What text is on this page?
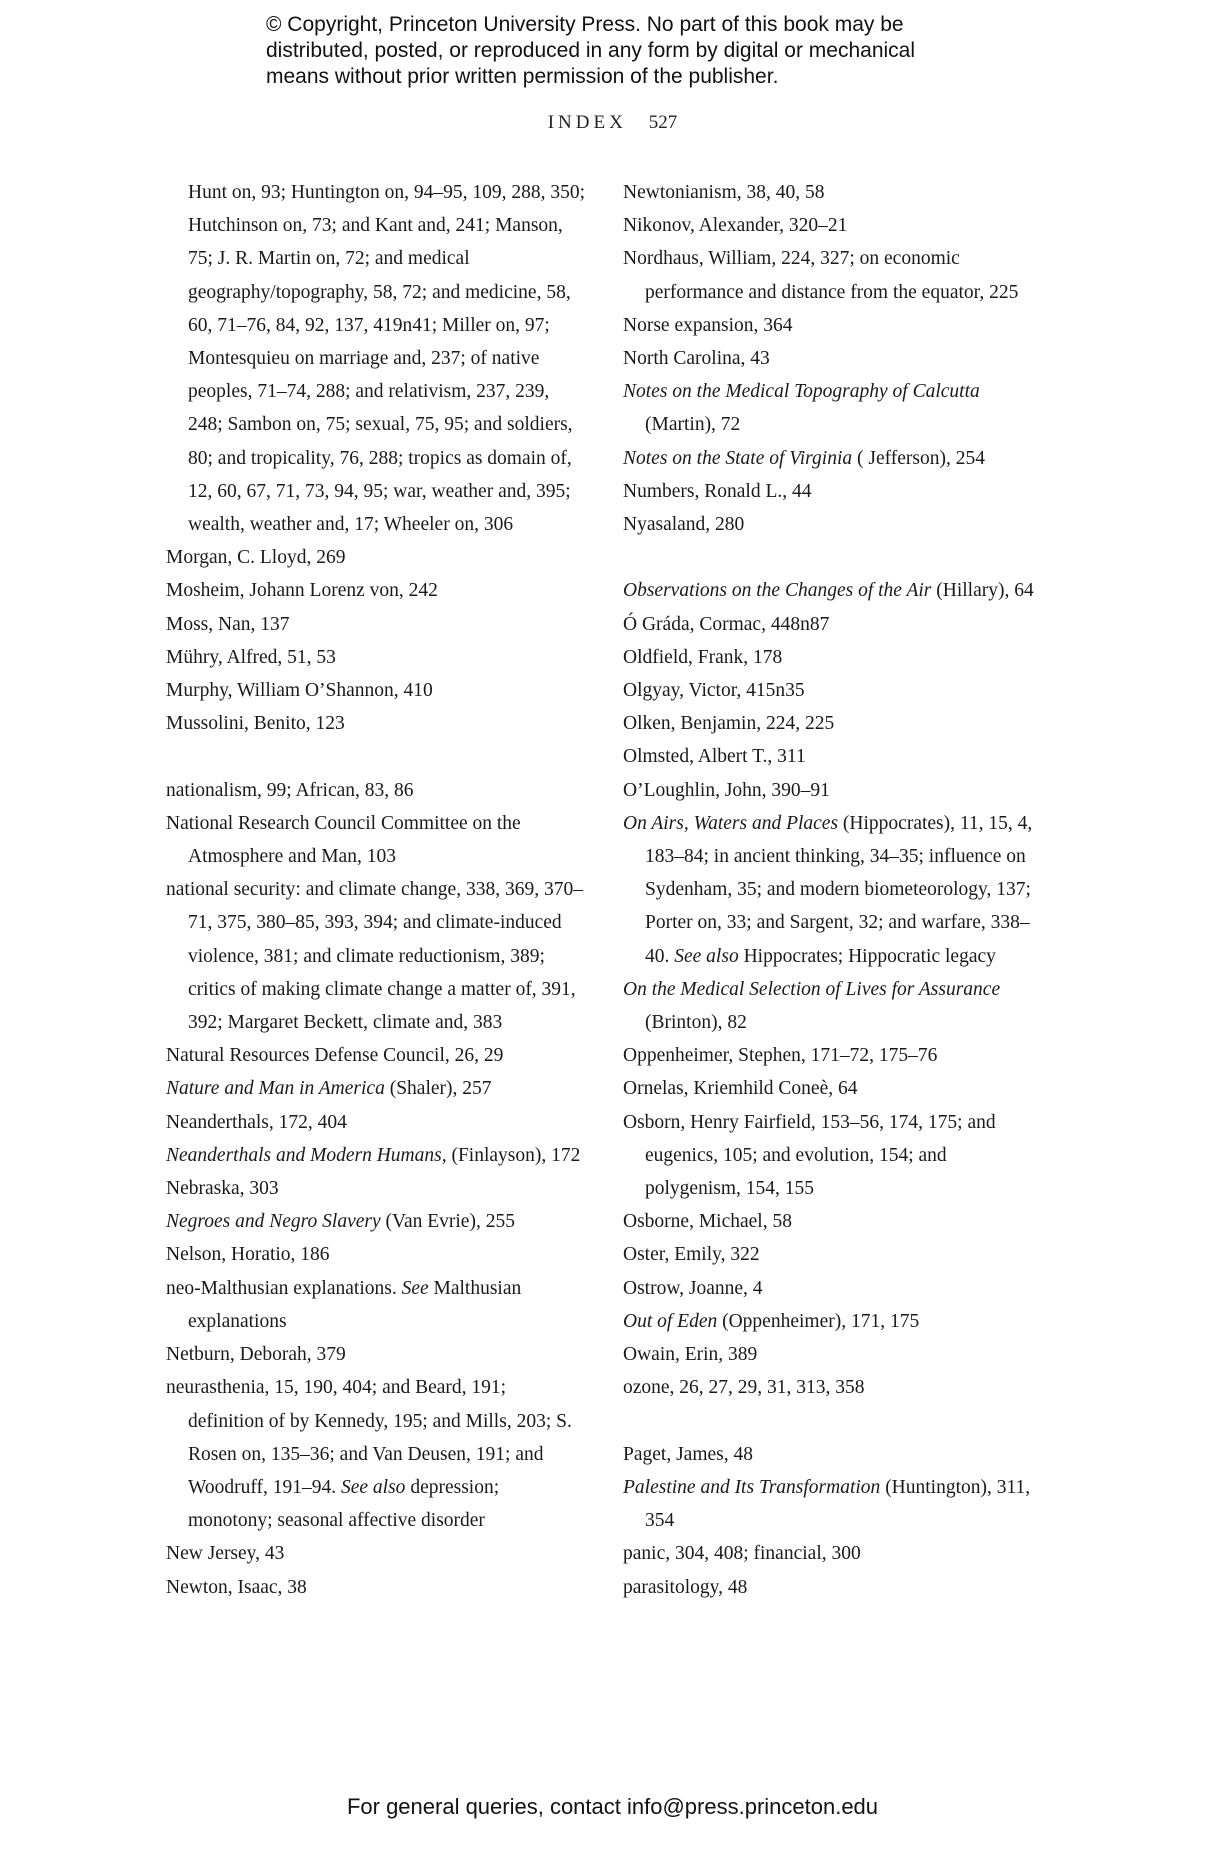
© Copyright, Princeton University Press. No part of this book may be

distributed, posted, or reproduced in any form by digital or mechanical

means without prior written permission of the publisher.

INDEX 527

Hunt on, 93; Huntington on, 94–95, 109, 288, 350; Hutchinson on, 73; and Kant and, 241; Manson, 75; J. R. Martin on, 72; and medical geography/topography, 58, 72; and medicine, 58, 60, 71–76, 84, 92, 137, 419n41; Miller on, 97; Montesquieu on marriage and, 237; of native peoples, 71–74, 288; and relativism, 237, 239, 248; Sambon on, 75; sexual, 75, 95; and soldiers, 80; and tropicality, 76, 288; tropics as domain of, 12, 60, 67, 71, 73, 94, 95; war, weather and, 395; wealth, weather and, 17; Wheeler on, 306

Morgan, C. Lloyd, 269

Mosheim, Johann Lorenz von, 242

Moss, Nan, 137

Mühry, Alfred, 51, 53

Murphy, William O’Shannon, 410

Mussolini, Benito, 123

nationalism, 99; African, 83, 86

National Research Council Committee on the Atmosphere and Man, 103

national security: and climate change, 338, 369, 370–71, 375, 380–85, 393, 394; and climate-induced violence, 381; and climate reductionism, 389; critics of making climate change a matter of, 391, 392; Margaret Beckett, climate and, 383

Natural Resources Defense Council, 26, 29

Nature and Man in America (Shaler), 257

Neanderthals, 172, 404

Neanderthals and Modern Humans, (Finlayson), 172

Nebraska, 303

Negroes and Negro Slavery (Van Evrie), 255

Nelson, Horatio, 186

neo-Malthusian explanations. See Malthusian explanations

Netburn, Deborah, 379

neurasthenia, 15, 190, 404; and Beard, 191; definition of by Kennedy, 195; and Mills, 203; S. Rosen on, 135–36; and Van Deusen, 191; and Woodruff, 191–94. See also depression; monotony; seasonal affective disorder

New Jersey, 43

Newton, Isaac, 38

Newtonianism, 38, 40, 58

Nikonov, Alexander, 320–21

Nordhaus, William, 224, 327; on economic performance and distance from the equator, 225

Norse expansion, 364

North Carolina, 43

Notes on the Medical Topography of Calcutta (Martin), 72

Notes on the State of Virginia ( Jefferson), 254

Numbers, Ronald L., 44

Nyasaland, 280

Observations on the Changes of the Air (Hillary), 64

Ó Gráda, Cormac, 448n87

Oldfield, Frank, 178

Olgyay, Victor, 415n35

Olken, Benjamin, 224, 225

Olmsted, Albert T., 311

O’Loughlin, John, 390–91

On Airs, Waters and Places (Hippocrates), 11, 15, 4, 183–84; in ancient thinking, 34–35; influence on Sydenham, 35; and modern biometeorology, 137; Porter on, 33; and Sargent, 32; and warfare, 338–40. See also Hippocrates; Hippocratic legacy

On the Medical Selection of Lives for Assurance (Brinton), 82

Oppenheimer, Stephen, 171–72, 175–76

Ornelas, Kriemhild Coneè, 64

Osborn, Henry Fairfield, 153–56, 174, 175; and eugenics, 105; and evolution, 154; and polygenism, 154, 155

Osborne, Michael, 58

Oster, Emily, 322

Ostrow, Joanne, 4

Out of Eden (Oppenheimer), 171, 175

Owain, Erin, 389

ozone, 26, 27, 29, 31, 313, 358

Paget, James, 48

Palestine and Its Transformation (Huntington), 311, 354

panic, 304, 408; financial, 300

parasitology, 48

For general queries, contact info@press.princeton.edu
